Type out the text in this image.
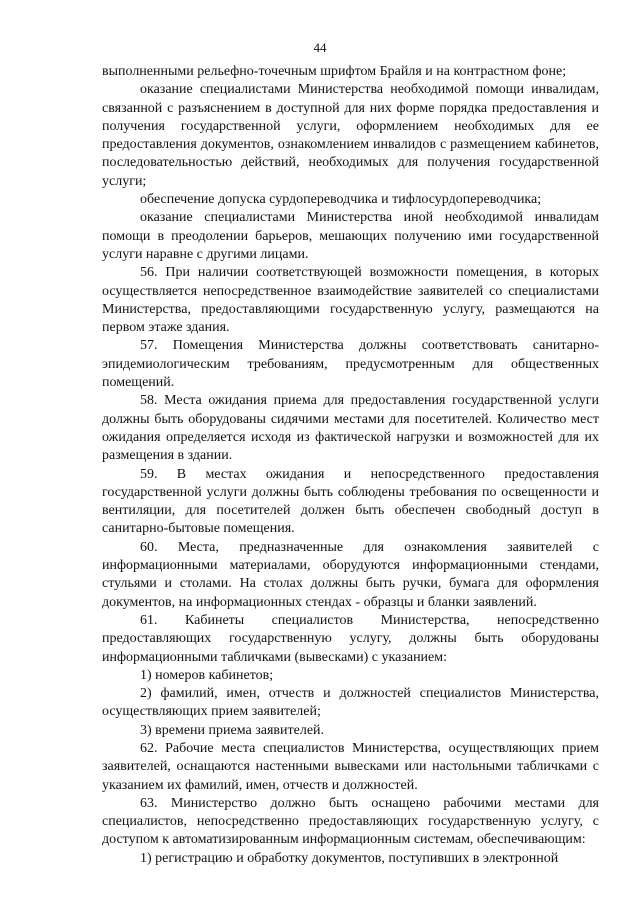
44

выполненными рельефно-точечным шрифтом Брайля и на контрастном фоне;

оказание специалистами Министерства необходимой помощи инвалидам, связанной с разъяснением в доступной для них форме порядка предоставления и получения государственной услуги, оформлением необходимых для ее предоставления документов, ознакомлением инвалидов с размещением кабинетов, последовательностью действий, необходимых для получения государственной услуги;

обеспечение допуска сурдопереводчика и тифлосурдопереводчика;

оказание специалистами Министерства иной необходимой инвалидам помощи в преодолении барьеров, мешающих получению ими государственной услуги наравне с другими лицами.

56. При наличии соответствующей возможности помещения, в которых осуществляется непосредственное взаимодействие заявителей со специалистами Министерства, предоставляющими государственную услугу, размещаются на первом этаже здания.

57. Помещения Министерства должны соответствовать санитарно-эпидемиологическим требованиям, предусмотренным для общественных помещений.

58. Места ожидания приема для предоставления государственной услуги должны быть оборудованы сидячими местами для посетителей. Количество мест ожидания определяется исходя из фактической нагрузки и возможностей для их размещения в здании.

59. В местах ожидания и непосредственного предоставления государственной услуги должны быть соблюдены требования по освещенности и вентиляции, для посетителей должен быть обеспечен свободный доступ в санитарно-бытовые помещения.

60. Места, предназначенные для ознакомления заявителей с информационными материалами, оборудуются информационными стендами, стульями и столами. На столах должны быть ручки, бумага для оформления документов, на информационных стендах - образцы и бланки заявлений.

61. Кабинеты специалистов Министерства, непосредственно предоставляющих государственную услугу, должны быть оборудованы информационными табличками (вывесками) с указанием:

1) номеров кабинетов;

2) фамилий, имен, отчеств и должностей специалистов Министерства, осуществляющих прием заявителей;

3) времени приема заявителей.

62. Рабочие места специалистов Министерства, осуществляющих прием заявителей, оснащаются настенными вывесками или настольными табличками с указанием их фамилий, имен, отчеств и должностей.

63. Министерство должно быть оснащено рабочими местами для специалистов, непосредственно предоставляющих государственную услугу, с доступом к автоматизированным информационным системам, обеспечивающим:

1) регистрацию и обработку документов, поступивших в электронной
